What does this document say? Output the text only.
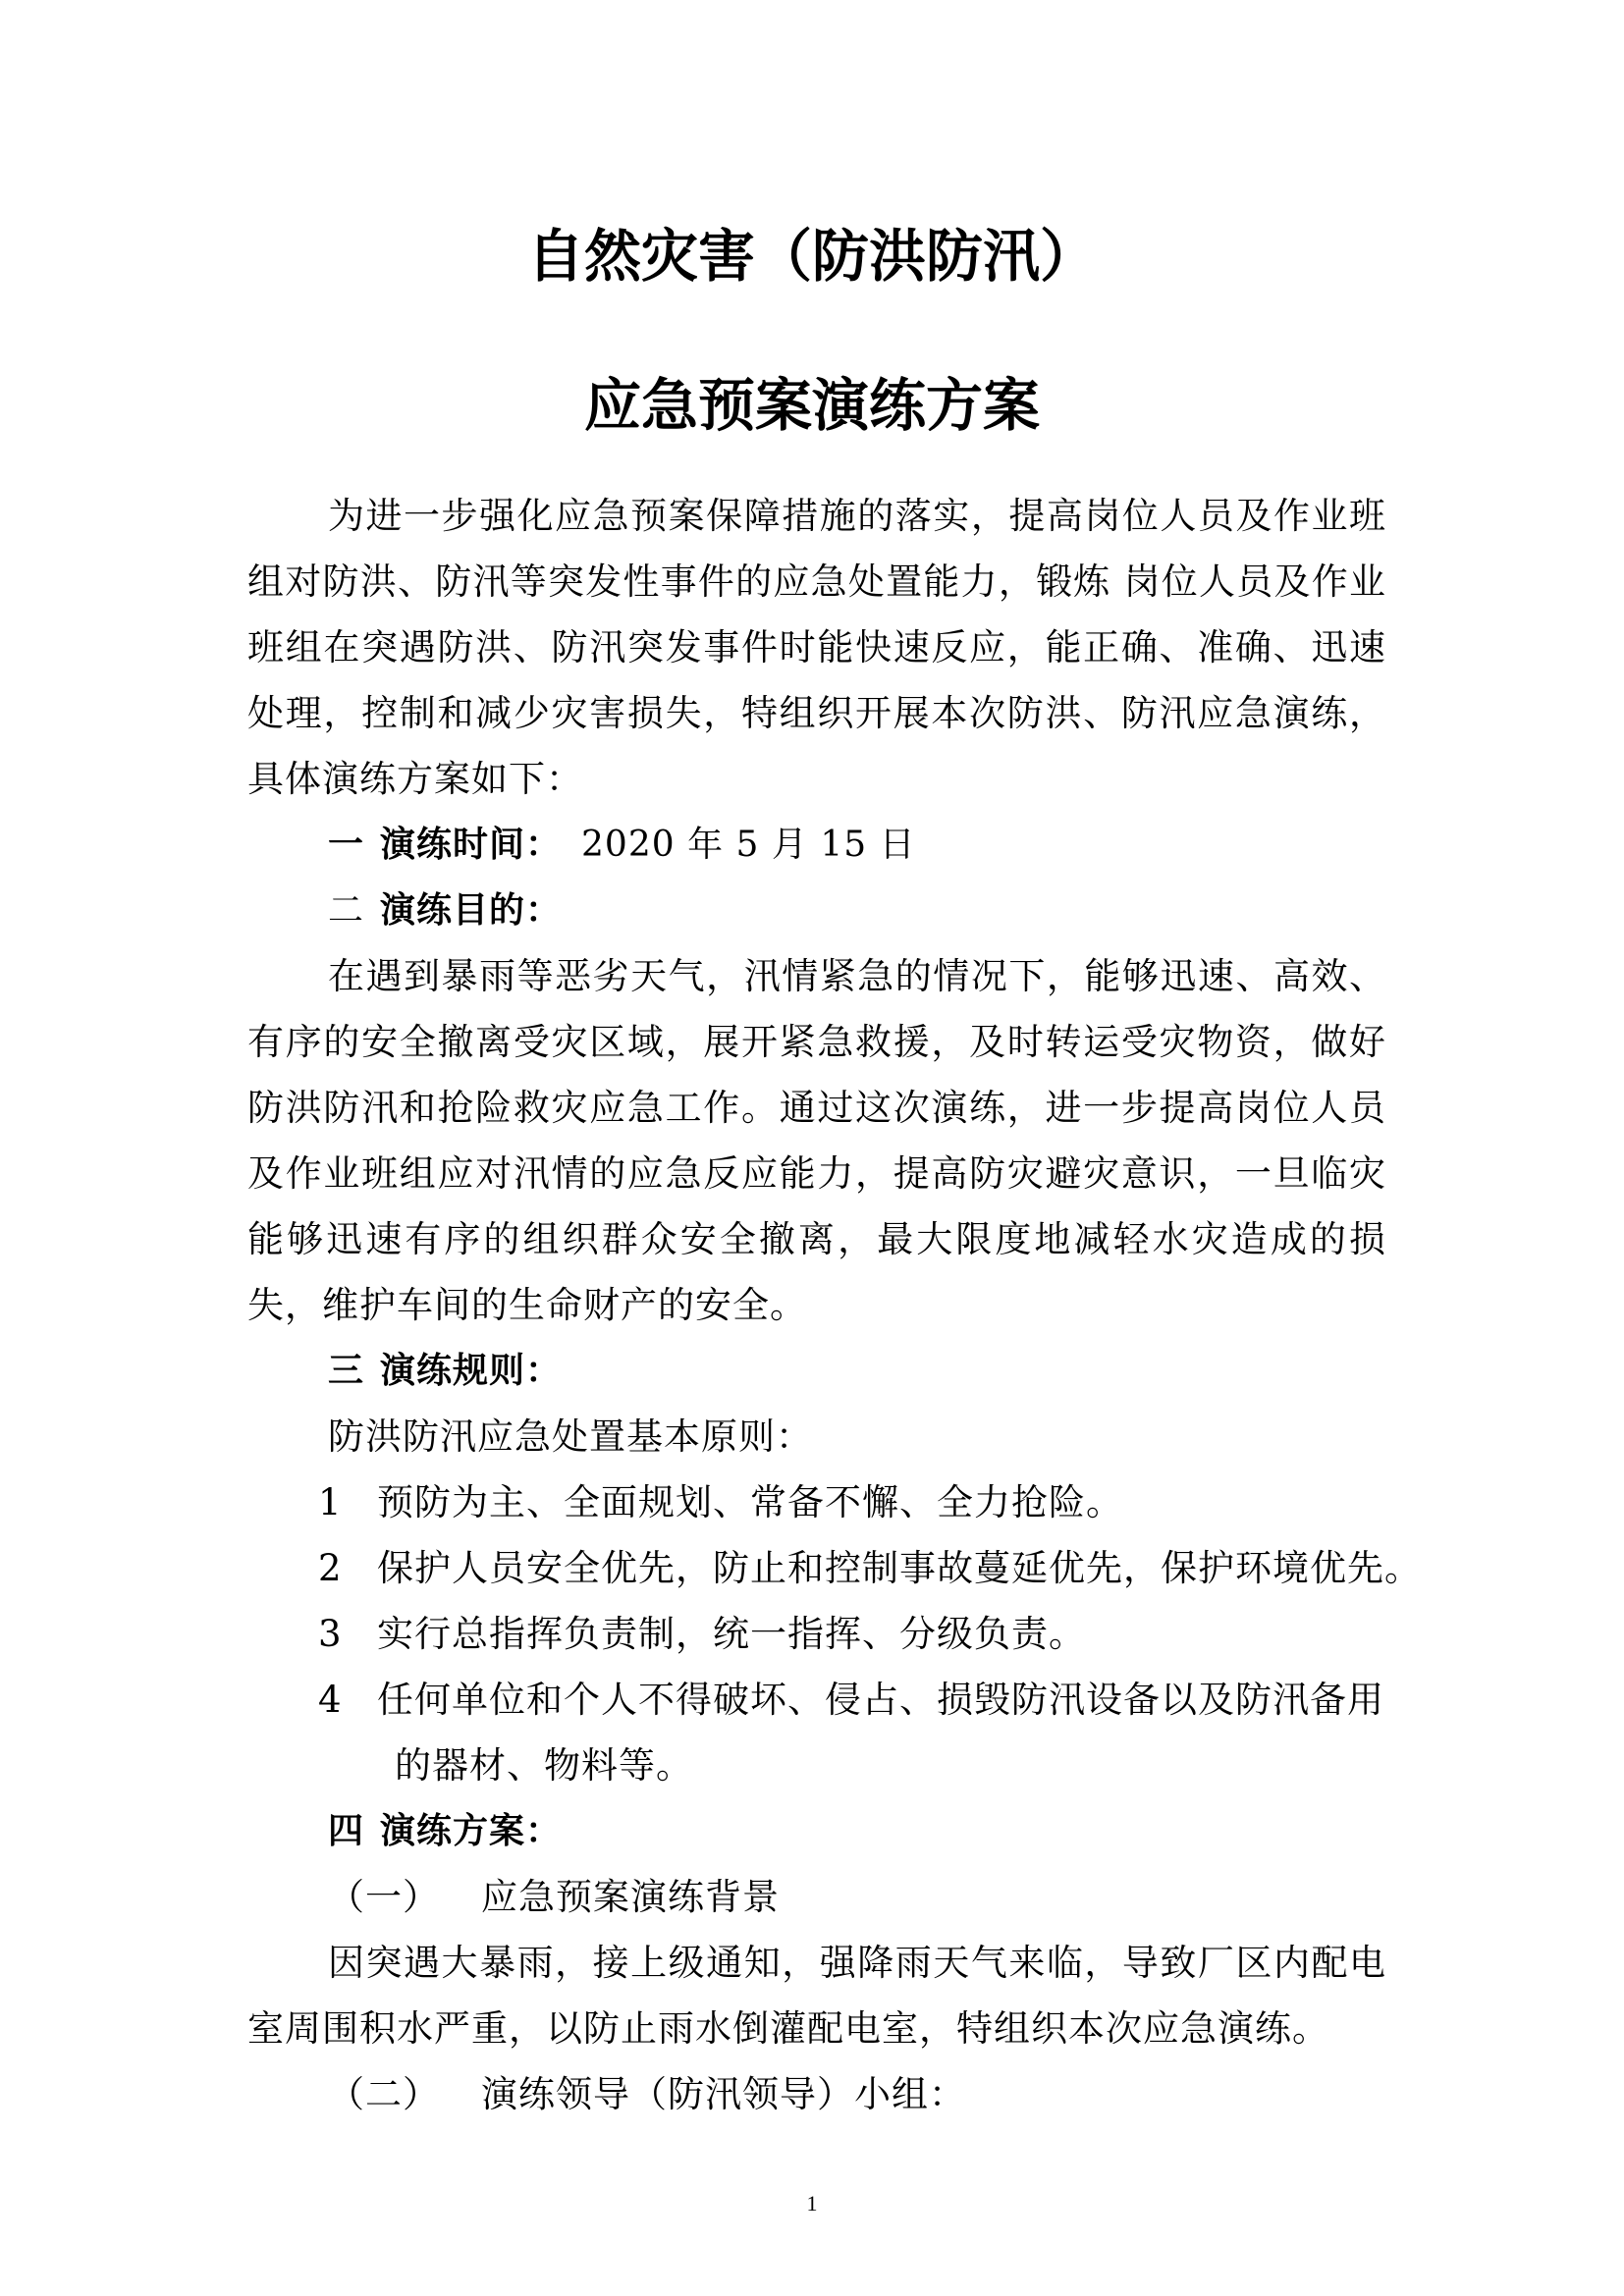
自然灾害（防洪防汛）
应急预案演练方案

为进一步强化应急预案保障措施的落实，提高岗位人员及作业班组对防洪、防汛等突发性事件的应急处置能力，锻炼 岗位人员及作业班组在突遇防洪、防汛突发事件时能快速反应，能正确、准确、迅速处理，控制和减少灾害损失，特组织开展本次防洪、防汛应急演练，具体演练方案如下：

一 演练时间： 2020 年 5 月 15 日

二 演练目的：

在遇到暴雨等恶劣天气，汛情紧急的情况下，能够迅速、高效、有序的安全撤离受灾区域，展开紧急救援，及时转运受灾物资，做好防洪防汛和抢险救灾应急工作。通过这次演练，进一步提高岗位人员及作业班组应对汛情的应急反应能力，提高防灾避灾意识，一旦临灾能够迅速有序的组织群众安全撤离，最大限度地减轻水灾造成的损失，维护车间的生命财产的安全。

三 演练规则：

防洪防汛应急处置基本原则：

1 预防为主、全面规划、常备不懈、全力抢险。

2 保护人员安全优先，防止和控制事故蔓延优先，保护环境优先。

3 实行总指挥负责制，统一指挥、分级负责。

4 任何单位和个人不得破坏、侵占、损毁防汛设备以及防汛备用

的器材、物料等。

四 演练方案：

（一） 应急预案演练背景

因突遇大暴雨，接上级通知，强降雨天气来临，导致厂区内配电室周围积水严重，以防止雨水倒灌配电室，特组织本次应急演练。

（二） 演练领导（防汛领导）小组：

1
